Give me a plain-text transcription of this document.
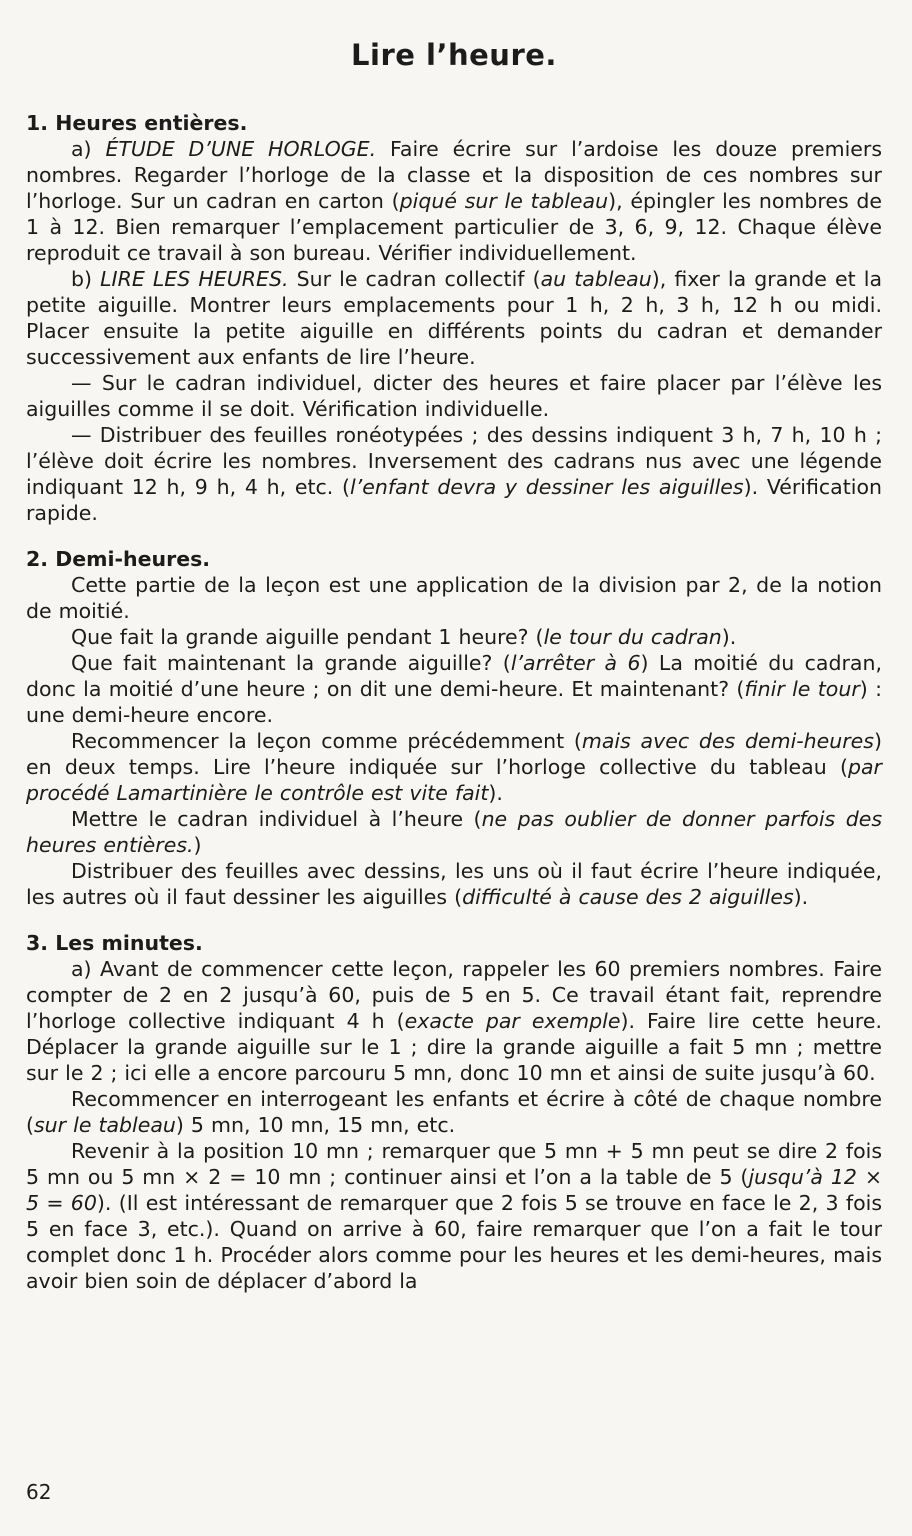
Lire l’heure.
1. Heures entières.

a) ÉTUDE D’UNE HORLOGE. Faire écrire sur l’ardoise les douze premiers nombres. Regarder l’horloge de la classe et la disposition de ces nombres sur l’horloge. Sur un cadran en carton (piqué sur le tableau), épingler les nombres de 1 à 12. Bien remarquer l’emplacement particulier de 3, 6, 9, 12. Chaque élève reproduit ce travail à son bureau. Vérifier individuellement.

b) LIRE LES HEURES. Sur le cadran collectif (au tableau), fixer la grande et la petite aiguille. Montrer leurs emplacements pour 1 h, 2 h, 3 h, 12 h ou midi. Placer ensuite la petite aiguille en différents points du cadran et demander successivement aux enfants de lire l’heure.

— Sur le cadran individuel, dicter des heures et faire placer par l’élève les aiguilles comme il se doit. Vérification individuelle.

— Distribuer des feuilles ronéotypées ; des dessins indiquent 3 h, 7 h, 10 h ; l’élève doit écrire les nombres. Inversement des cadrans nus avec une légende indiquant 12 h, 9 h, 4 h, etc. (l’enfant devra y dessiner les aiguilles). Vérification rapide.

2. Demi-heures.

Cette partie de la leçon est une application de la division par 2, de la notion de moitié.

Que fait la grande aiguille pendant 1 heure? (le tour du cadran).

Que fait maintenant la grande aiguille? (l’arrêter à 6) La moitié du cadran, donc la moitié d’une heure ; on dit une demi-heure. Et maintenant? (finir le tour) : une demi-heure encore.

Recommencer la leçon comme précédemment (mais avec des demi-heures) en deux temps. Lire l’heure indiquée sur l’horloge collective du tableau (par procédé Lamartinière le contrôle est vite fait).

Mettre le cadran individuel à l’heure (ne pas oublier de donner parfois des heures entières.)

Distribuer des feuilles avec dessins, les uns où il faut écrire l’heure indiquée, les autres où il faut dessiner les aiguilles (difficulté à cause des 2 aiguilles).

3. Les minutes.

a) Avant de commencer cette leçon, rappeler les 60 premiers nombres. Faire compter de 2 en 2 jusqu’à 60, puis de 5 en 5. Ce travail étant fait, reprendre l’horloge collective indiquant 4 h (exacte par exemple). Faire lire cette heure. Déplacer la grande aiguille sur le 1 ; dire la grande aiguille a fait 5 mn ; mettre sur le 2 ; ici elle a encore parcouru 5 mn, donc 10 mn et ainsi de suite jusqu’à 60.

Recommencer en interrogeant les enfants et écrire à côté de chaque nombre (sur le tableau) 5 mn, 10 mn, 15 mn, etc.

Revenir à la position 10 mn ; remarquer que 5 mn + 5 mn peut se dire 2 fois 5 mn ou 5 mn × 2 = 10 mn ; continuer ainsi et l’on a la table de 5 (jusqu’à 12 × 5 = 60). (Il est intéressant de remarquer que 2 fois 5 se trouve en face le 2, 3 fois 5 en face 3, etc.). Quand on arrive à 60, faire remarquer que l’on a fait le tour complet donc 1 h. Procéder alors comme pour les heures et les demi-heures, mais avoir bien soin de déplacer d’abord la

62
